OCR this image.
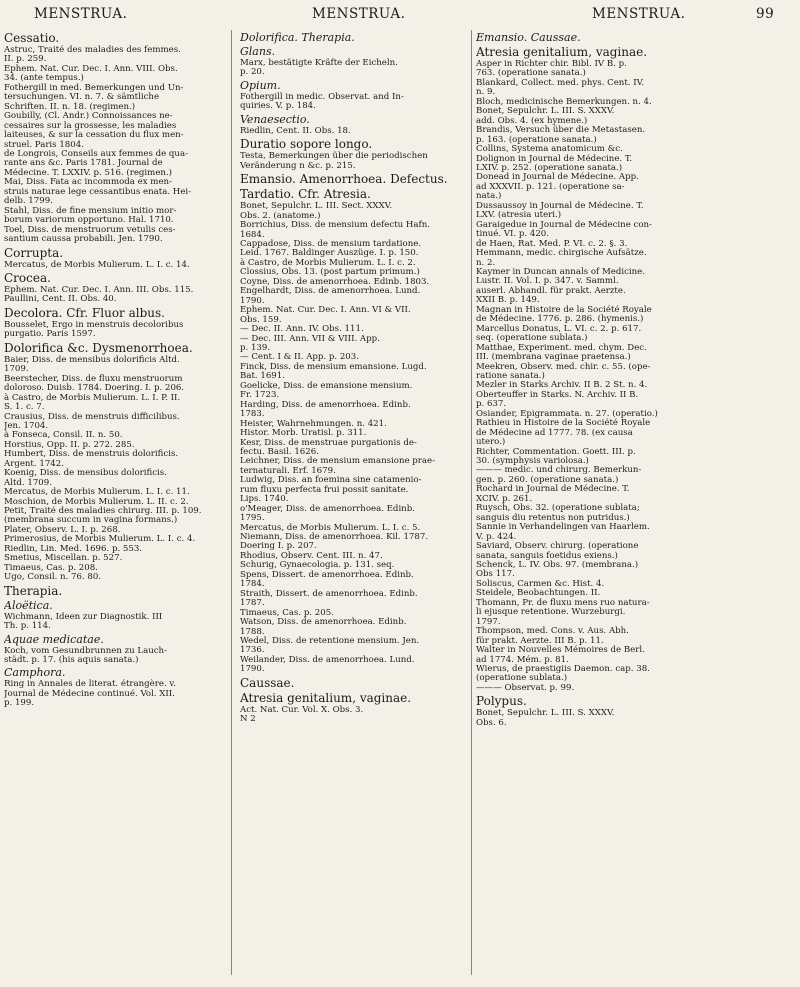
MENSTRUA.	MENSTRUA.	MENSTRUA.	99
Cessatio.
Astruc, Traité des maladies des femmes.
II. p. 259.
Ephem. Nat. Cur. Dec. I. Ann. VIII. Obs.
34. (ante tempus.)
Fothergill in med. Bemerkungen und Un-
tersuchungen. VI. n. 7. & sämtliche
Schriften. II. n. 18. (regimen.)
Goubilly, (Cl. Andr.) Connoissances ne-
cessaires sur la grossesse, les maladies
laiteuses, & sur la cessation du flux men-
struel. Paris 1804.
de Longrois, Conseils aux femmes de qua-
rante ans &c. Paris 1781. Journal de
Médecine. T. LXXIV. p. 516. (regimen.)
Mai, Diss. Fata ac incommoda ex men-
struis naturae lege cessantibus enata. Hei-
delb. 1799.
Stahl, Diss. de fine mensium initio mor-
borum variorum opportuno. Hal. 1710.
Toel, Diss. de menstruorum vetulis ces-
santium caussa probabili. Jen. 1790.
Corrupta.
Mercatus, de Morbis Mulierum. L. I. c. 14.
Crocea.
Ephem. Nat. Cur. Dec. I. Ann. III. Obs. 115.
Paullini, Cent. II. Obs. 40.
Decolora. Cfr. Fluor albus.
Bousselet, Ergo in menstruis decoloribus
purgatio. Paris 1597.
Dolorifica &c. Dysmenorrhoea.
Baier, Diss. de mensibus dolorificis Altd.
1709.
Beerstecher, Diss. de fluxu menstruorum
doloroso. Duisb. 1784. Doering. I. p. 206.
à Castro, de Morbis Mulierum. L. I. P. II.
S. 1. c. 7.
Crausius, Diss. de menstruis difficilibus.
Jen. 1704.
à Fonseca, Consil. II. n. 50.
Horstius, Opp. II. p. 272. 285.
Humbert, Diss. de menstruis dolorificis.
Argent. 1742.
Koenig, Diss. de mensibus dolorificis.
Altd. 1709.
Mercatus, de Morbis Mulierum. L. I. c. 11.
Moschion, de Morbis Mulierum. L. II. c. 2.
Petit, Traité des maladies chirurg. III. p. 109.
(membrana succum in vagina formans.)
Plater, Observ. L. I. p. 268.
Primerosius, de Morbis Mulierum. L. I. c. 4.
Riedlin, Lin. Med. 1696. p. 553.
Smetius, Miscellan. p. 527.
Timaeus, Cas. p. 208.
Ugo, Consil. n. 76. 80.
Therapia.
Aloëtica.
Wichmann, Ideen zur Diagnostik. III
Th. p. 114.
Aquae medicatae.
Koch, vom Gesundbrunnen zu Lauch-
städt. p. 17. (his aquis sanata.)
Camphora.
Ring in Annales de literat. étrangère. v.
Journal de Médecine continué. Vol. XII.
p. 199.
Dolorifica. Therapia.
Glans.
Marx, bestätigte Kräfte der Eicheln.
p. 20.
Opium.
Fothergill in medic. Observat. and In-
quiries. V. p. 184.
Venaesectio.
Riedlin, Cent. II. Obs. 18.
Duratio sopore longo.
Testa, Bemerkungen über die periodischen
Veränderung n &c. p. 215.
Emansio. Amenorrhoea. Defectus.
Tardatio. Cfr. Atresia.
Bonet, Sepulchr. L. III. Sect. XXXV.
Obs. 2. (anatome.)
Borrichius, Diss. de mensium defectu Hafn.
1684.
Cappadose, Diss. de mensium tardatione.
Leid. 1767. Baldinger Auszüge. I. p. 150.
à Castro, de Morbis Mulierum. L. I. c. 2.
Clossius, Obs. 13. (post partum primum.)
Coyne, Diss. de amenorrhoea. Edinb. 1803.
Engelhardt, Diss. de amenorrhoea. Lund.
1790.
Ephem. Nat. Cur. Dec. I. Ann. VI & VII.
Obs. 159.
— Dec. II. Ann. IV. Obs. 111.
— Dec. III. Ann. VII & VIII. App.
p. 139.
— Cent. I & II. App. p. 203.
Finck, Diss. de mensium emansione. Lugd.
Bat. 1691.
Goelicke, Diss. de emansione mensium.
Fr. 1723.
Harding, Diss. de amenorrhoea. Edinb.
1783.
Heister, Wahrnehmungen. n. 421.
Histor. Morb. Uratisl. p. 311.
Kesr, Diss. de menstruae purgationis de-
fectu. Basil. 1626.
Leichner, Diss. de mensium emansione prae-
ternaturali. Erf. 1679.
Ludwig, Diss. an foemina sine catamenio-
rum fluxu perfecta frui possit sanitate.
Lips. 1740.
o'Meager, Diss. de amenorrhoea. Edinb.
1795.
Mercatus, de Morbis Mulierum. L. I. c. 5.
Niemann, Diss. de amenorrhoea. Kil. 1787.
Doering I. p. 207.
Rhodius, Observ. Cent. III. n. 47.
Schurig, Gynaecologia. p. 131. seq.
Spens, Dissert. de amenorrhoea. Edinb.
1784.
Straith, Dissert. de amenorrhoea. Edinb.
1787.
Timaeus, Cas. p. 205.
Watson, Diss. de amenorrhoea. Edinb.
1788.
Wedel, Diss. de retentione mensium. Jen.
1736.
Weilander, Diss. de amenorrhoea. Lund.
1790.
Caussae.
Atresia genitalium, vaginae.
Act. Nat. Cur. Vol. X. Obs. 3.
N 2
Emansio. Caussae.
Atresia genitalium, vaginae.
Asper in Richter chir. Bibl. IV B. p.
763. (operatione sanata.)
Blankard, Collect. med. phys. Cent. IV.
n. 9.
Bloch, medicinische Bemerkungen. n. 4.
Bonet, Sepulchr. L. III. S. XXXV.
add. Obs. 4. (ex hymene.)
Brandis, Versuch über die Metastasen.
p. 163. (operatione sanata.)
Collins, Systema anatomicum &c.
Dolignon in Journal de Médecine. T.
LXIV. p. 252. (operatione sanata.)
Donead in Journal de Médecine. App.
ad XXXVII. p. 121. (operatione sa-
nata.)
Dussaussoy in Journal de Médecine. T.
LXV. (atresia uteri.)
Garaigedue in Journal de Médecine con-
tinué. VI. p. 420.
de Haen, Rat. Med. P. VI. c. 2. §. 3.
Hemmann, medic. chirgische Aufsätze.
n. 2.
Kaymer in Duncan annals of Medicine.
Lustr. II. Vol. I. p. 347. v. Samml.
auserl. Abhandl. für prakt. Aerzte.
XXII B. p. 149.
Magnan in Histoire de la Société Royale
de Médecine. 1776. p. 286. (hymenis.)
Marcellus Donatus, L. VI. c. 2. p. 617.
seq. (operatione sublata.)
Matthae, Experiment. med. chym. Dec.
III. (membrana vaginae praetensa.)
Meekren, Observ. med. chir. c. 55. (ope-
ratione sanata.)
Mezler in Starks Archiv. II B. 2 St. n. 4.
Oberteuffer in Starks. N. Archiv. II B.
p. 637.
Osiander, Epigrammata. n. 27. (operatio.)
Rathieu in Histoire de la Société Royale
de Médecine ad 1777. 78. (ex causa
utero.)
Richter, Commentation. Goett. III. p.
30. (symphysis variolosa.)
——— medic. und chirurg. Bemerkun-
gen. p. 260. (operatione sanata.)
Rochard in Journal de Médecine. T.
XCIV. p. 261.
Ruysch, Obs. 32. (operatione sublata;
sanguis diu retentus non putridus.)
Sannie in Verhandelingen van Haarlem.
V. p. 424.
Saviard, Observ. chirurg. (operatione
sanata, sanguis foetidus exiens.)
Schenck, L. IV. Obs. 97. (membrana.)
Obs 117.
Soliscus, Carmen &c. Hist. 4.
Steidele, Beobachtungen. II.
Thomann, Pr. de fluxu mens ruo natura-
li ejusque retentione. Wurzeburgi.
1797.
Thompson, med. Cons. v. Aus. Abh.
für prakt. Aerzte. III B. p. 11.
Walter in Nouvelles Mémoires de Berl.
ad 1774. Mém. p. 81.
Wierus, de praestigiis Daemon. cap. 38.
(operatione sublata.)
——— Observat. p. 99.
Polypus.
Bonet, Sepulchr. L. III. S. XXXV.
Obs. 6.
